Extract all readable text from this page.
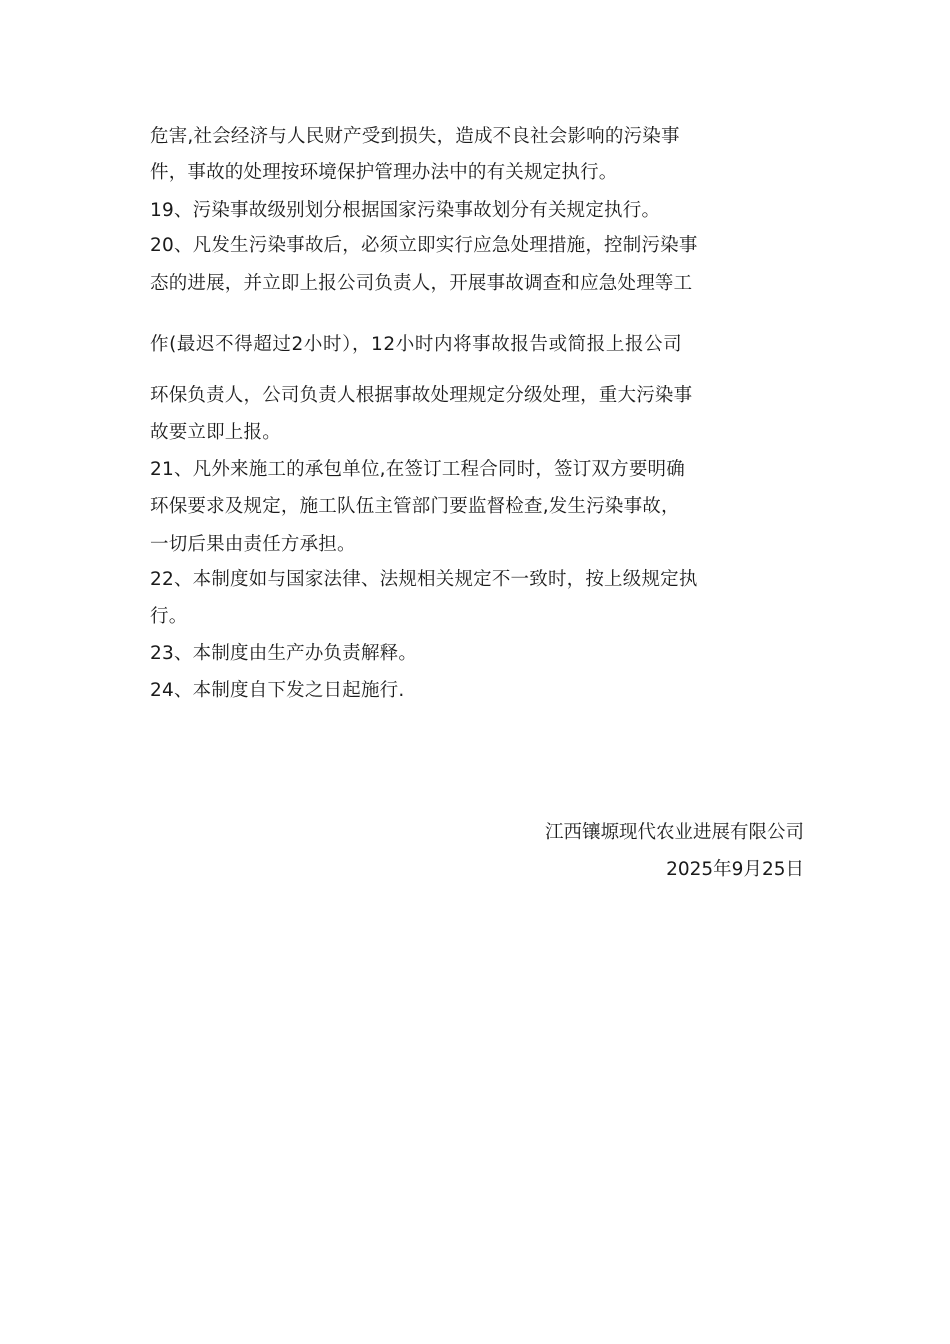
危害,社会经济与人民财产受到损失，造成不良社会影响的污染事
件，事故的处理按环境保护管理办法中的有关规定执行。
19、污染事故级别划分根据国家污染事故划分有关规定执行。
20、凡发生污染事故后，必须立即实行应急处理措施，控制污染事
态的进展，并立即上报公司负责人，开展事故调查和应急处理等工
作(最迟不得超过2小时），12小时内将事故报告或简报上报公司
环保负责人，公司负责人根据事故处理规定分级处理，重大污染事
故要立即上报。
21、凡外来施工的承包单位,在签订工程合同时，签订双方要明确
环保要求及规定，施工队伍主管部门要监督检查,发生污染事故，
一切后果由责任方承担。
22、本制度如与国家法律、法规相关规定不一致时，按上级规定执
行。
23、本制度由生产办负责解释。
24、本制度自下发之日起施行.
江西镶塬现代农业进展有限公司
2025年9月25日
